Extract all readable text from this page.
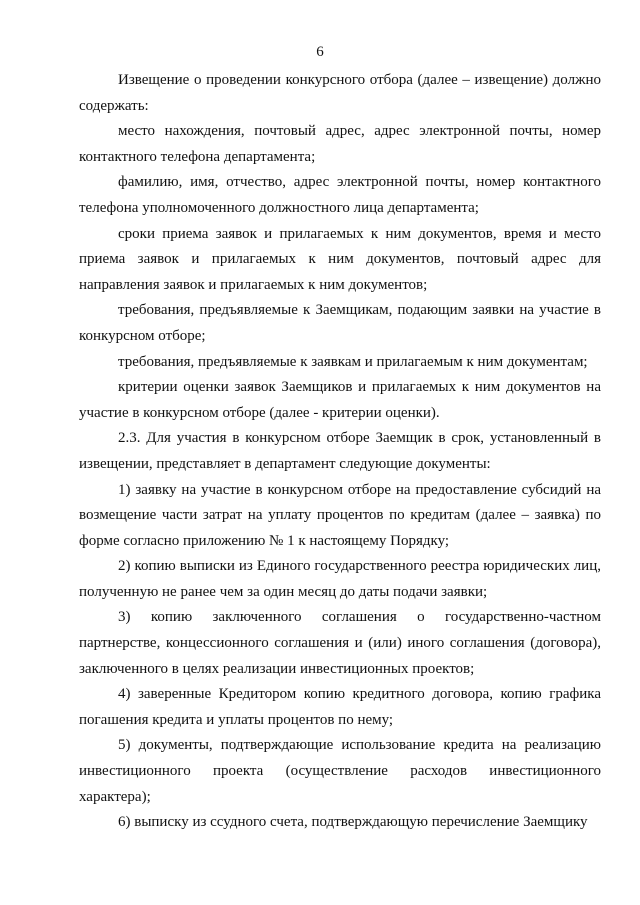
6

Извещение о проведении конкурсного отбора (далее – извещение) должно содержать:

место нахождения, почтовый адрес, адрес электронной почты, номер контактного телефона департамента;

фамилию, имя, отчество, адрес электронной почты, номер контактного телефона уполномоченного должностного лица департамента;

сроки приема заявок и прилагаемых к ним документов, время и место приема заявок и прилагаемых к ним документов, почтовый адрес для направления заявок и прилагаемых к ним документов;

требования, предъявляемые к Заемщикам, подающим заявки на участие в конкурсном отборе;

требования, предъявляемые к заявкам и прилагаемым к ним документам;

критерии оценки заявок Заемщиков и прилагаемых к ним документов на участие в конкурсном отборе (далее - критерии оценки).

2.3. Для участия в конкурсном отборе Заемщик в срок, установленный в извещении, представляет в департамент следующие документы:

1) заявку на участие в конкурсном отборе на предоставление субсидий на возмещение части затрат на уплату процентов по кредитам (далее – заявка) по форме согласно приложению № 1 к настоящему Порядку;

2) копию выписки из Единого государственного реестра юридических лиц, полученную не ранее чем за один месяц до даты подачи заявки;

3) копию заключенного соглашения о государственно-частном партнерстве, концессионного соглашения и (или) иного соглашения (договора), заключенного в целях реализации инвестиционных проектов;

4) заверенные Кредитором копию кредитного договора, копию графика погашения кредита и уплаты процентов по нему;

5) документы, подтверждающие использование кредита на реализацию инвестиционного проекта (осуществление расходов инвестиционного характера);

6) выписку из ссудного счета, подтверждающую перечисление Заемщику
